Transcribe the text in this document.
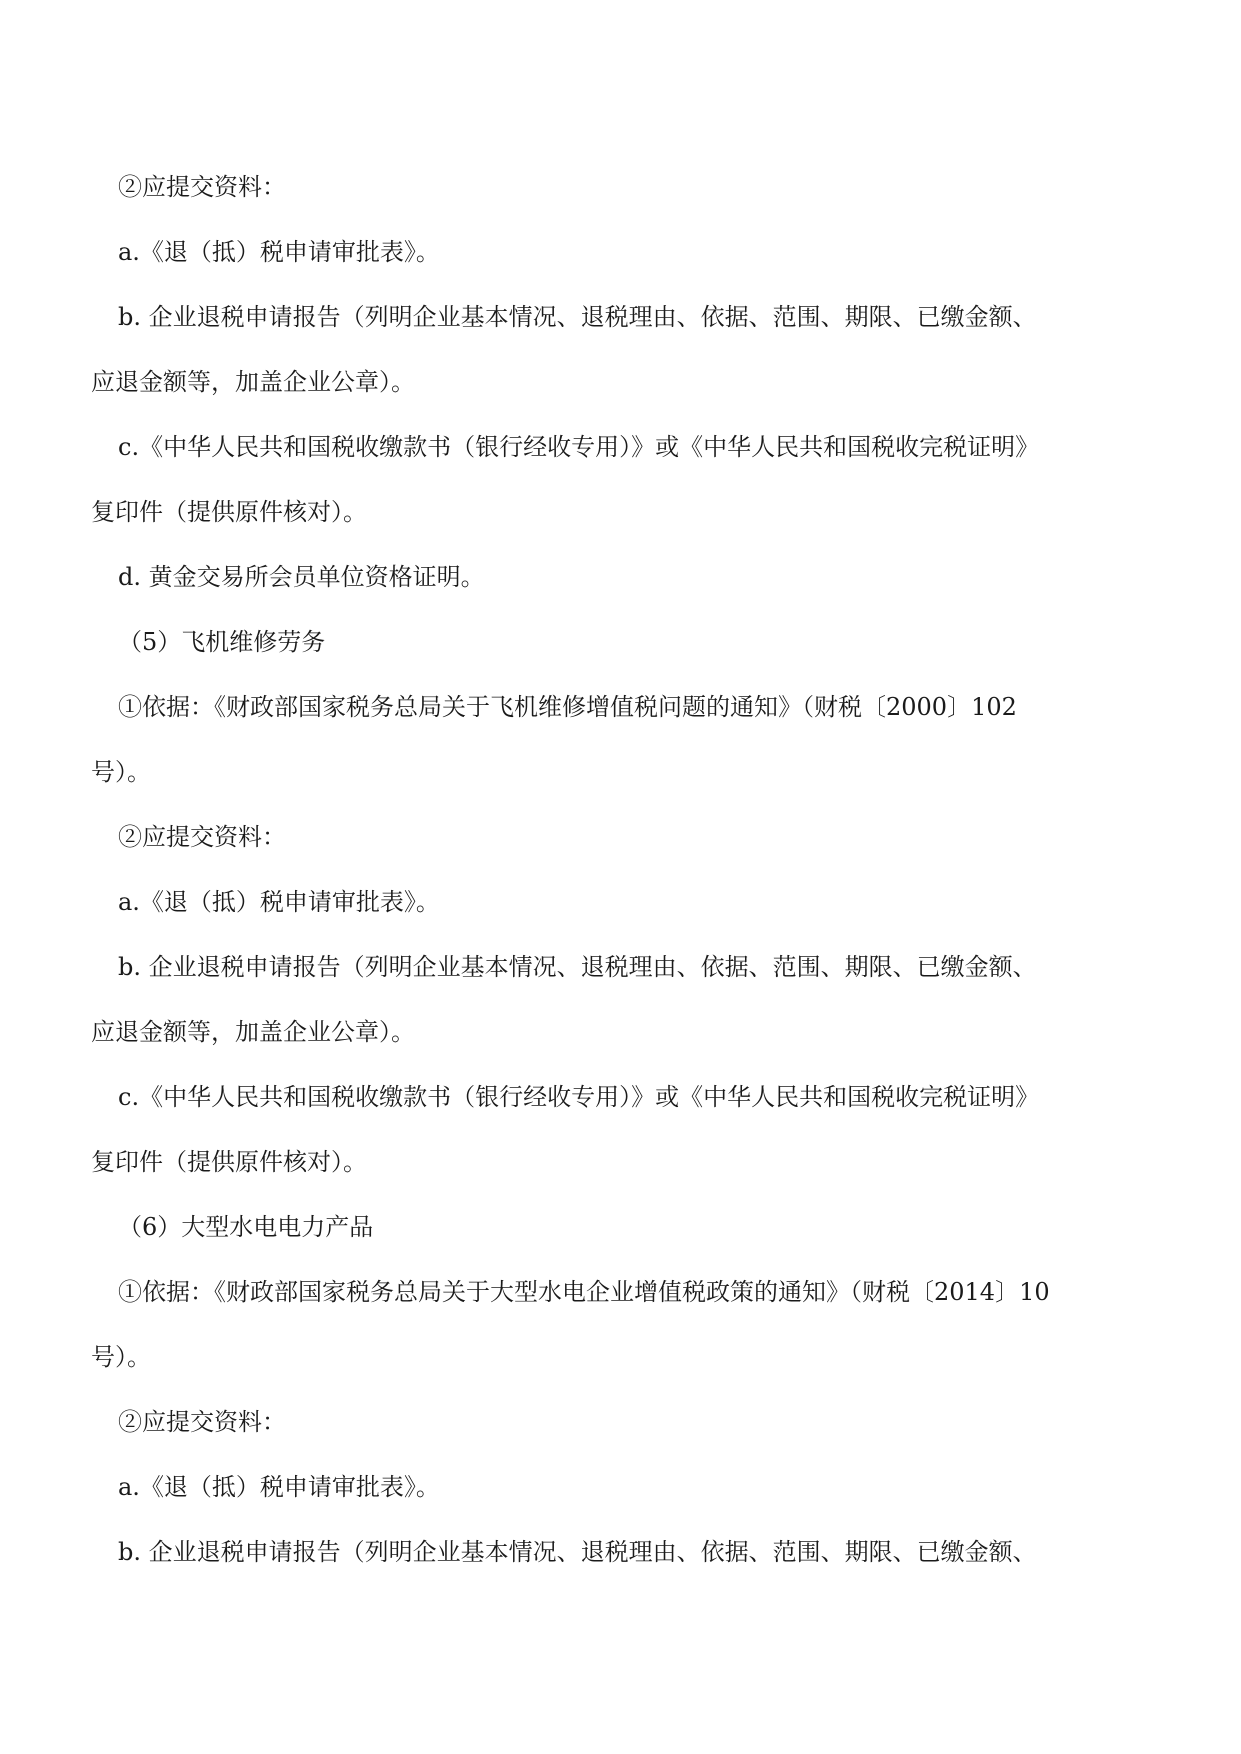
②应提交资料：

a.《退（抵）税申请审批表》。

b. 企业退税申请报告（列明企业基本情况、退税理由、依据、范围、期限、已缴金额、

应退金额等，加盖企业公章）。

c.《中华人民共和国税收缴款书（银行经收专用）》或《中华人民共和国税收完税证明》

复印件（提供原件核对）。

d. 黄金交易所会员单位资格证明。

（5）飞机维修劳务

①依据：《财政部国家税务总局关于飞机维修增值税问题的通知》（财税〔2000〕102

号）。

②应提交资料：

a.《退（抵）税申请审批表》。

b. 企业退税申请报告（列明企业基本情况、退税理由、依据、范围、期限、已缴金额、

应退金额等，加盖企业公章）。

c.《中华人民共和国税收缴款书（银行经收专用）》或《中华人民共和国税收完税证明》

复印件（提供原件核对）。

（6）大型水电电力产品

①依据：《财政部国家税务总局关于大型水电企业增值税政策的通知》（财税〔2014〕10

号）。

②应提交资料：

a.《退（抵）税申请审批表》。

b. 企业退税申请报告（列明企业基本情况、退税理由、依据、范围、期限、已缴金额、
